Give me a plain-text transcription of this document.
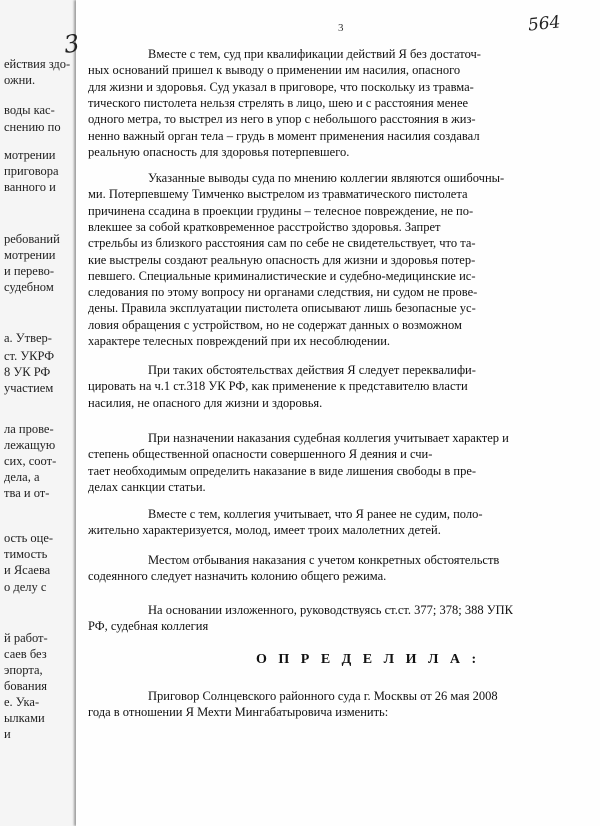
ействия здо-
ожни.
воды кас-
снению по
мотрении
приговора
ванного и
ребований
мотрении
и перево-
судебном
а. Утвер-
ст. УКРФ
8 УК РФ
участием
ла прове-
лежащую
сих, соот-
дела, а
тва и от-
ость оце-
тимость
и Ясаева
о делу с
й работ-
саев без
эпорта,
бования
е. Ука-
ылками
и
3	564
О П Р Е Д Е Л И Л А :
Вместе с тем, суд при квалификации действий Я без достаточ-
ных оснований пришел к выводу о применении им насилия, опасного
для жизни и здоровья. Суд указал в приговоре, что поскольку из травма-
тического пистолета нельзя стрелять в лицо, шею и с расстояния менее
одного метра, то выстрел из него в упор с небольшого расстояния в жиз-
ненно важный орган тела – грудь в момент применения насилия создавал
реальную опасность для здоровья потерпевшего.
Указанные выводы суда по мнению коллегии являются ошибочны-
ми. Потерпевшему Тимченко выстрелом из травматического пистолета
причинена ссадина в проекции грудины – телесное повреждение, не по-
влекшее за собой кратковременное расстройство здоровья. Запрет
стрельбы из близкого расстояния сам по себе не свидетельствует, что та-
кие выстрелы создают реальную опасность для жизни и здоровья потер-
певшего. Специальные криминалистические и судебно-медицинские ис-
следования по этому вопросу ни органами следствия, ни судом не прове-
дены. Правила эксплуатации пистолета описывают лишь безопасные ус-
ловия обращения с устройством, но не содержат данных о возможном
характере телесных повреждений при их несоблюдении.
При таких обстоятельствах действия Я следует переквалифи-
цировать на ч.1 ст.318 УК РФ, как применение к представителю власти
насилия, не опасного для жизни и здоровья.
При назначении наказания судебная коллегия учитывает характер и
степень общественной опасности совершенного Я деяния и счи-
тает необходимым определить наказание в виде лишения свободы в пре-
делах санкции статьи.
Вместе с тем, коллегия учитывает, что Я ранее не судим, поло-
жительно характеризуется, молод, имеет троих малолетних детей.
Местом отбывания наказания с учетом конкретных обстоятельств
содеянного следует назначить колонию общего режима.
На основании изложенного, руководствуясь ст.ст. 377; 378; 388 УПК
РФ, судебная коллегия
Приговор Солнцевского районного суда г. Москвы от 26 мая 2008
года в отношении Я Мехти Мингабатыровича изменить:
3
